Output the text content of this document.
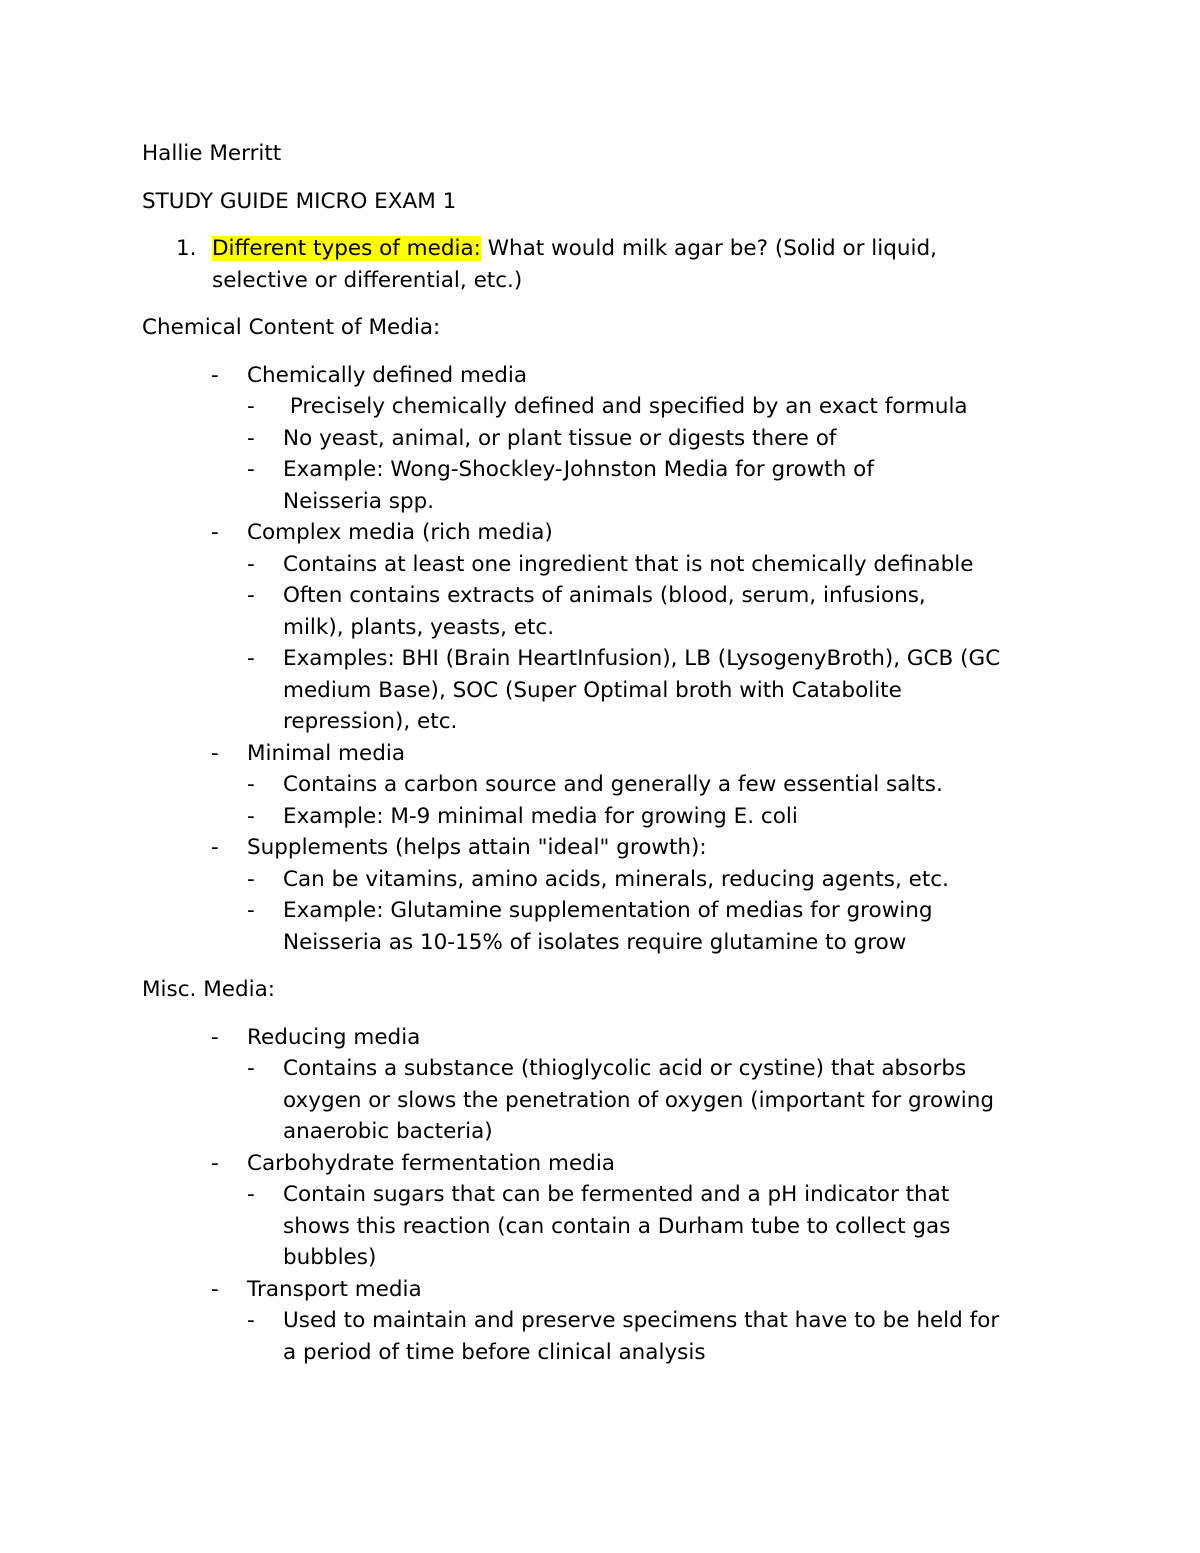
Hallie Merritt

STUDY GUIDE MICRO EXAM 1

1. Different types of media: What would milk agar be? (Solid or liquid,
selective or differential, etc.)

Chemical Content of Media:

- Chemically defined media
- Precisely chemically defined and specified by an exact formula
- No yeast, animal, or plant tissue or digests there of
- Example: Wong-Shockley-Johnston Media for growth of Neisseria spp.
- Complex media (rich media)
- Contains at least one ingredient that is not chemically definable
- Often contains extracts of animals (blood, serum, infusions, milk), plants, yeasts, etc.
- Examples: BHI (Brain HeartInfusion), LB (LysogenyBroth), GCB (GC medium Base), SOC (Super Optimal broth with Catabolite repression), etc.
- Minimal media
- Contains a carbon source and generally a few essential salts.
- Example: M-9 minimal media for growing E. coli
- Supplements (helps attain "ideal" growth):
- Can be vitamins, amino acids, minerals, reducing agents, etc.
- Example: Glutamine supplementation of medias for growing Neisseria as 10-15% of isolates require glutamine to grow

Misc. Media:

- Reducing media
- Contains a substance (thioglycolic acid or cystine) that absorbs oxygen or slows the penetration of oxygen (important for growing anaerobic bacteria)
- Carbohydrate fermentation media
- Contain sugars that can be fermented and a pH indicator that shows this reaction (can contain a Durham tube to collect gas bubbles)
- Transport media
- Used to maintain and preserve specimens that have to be held for a period of time before clinical analysis
